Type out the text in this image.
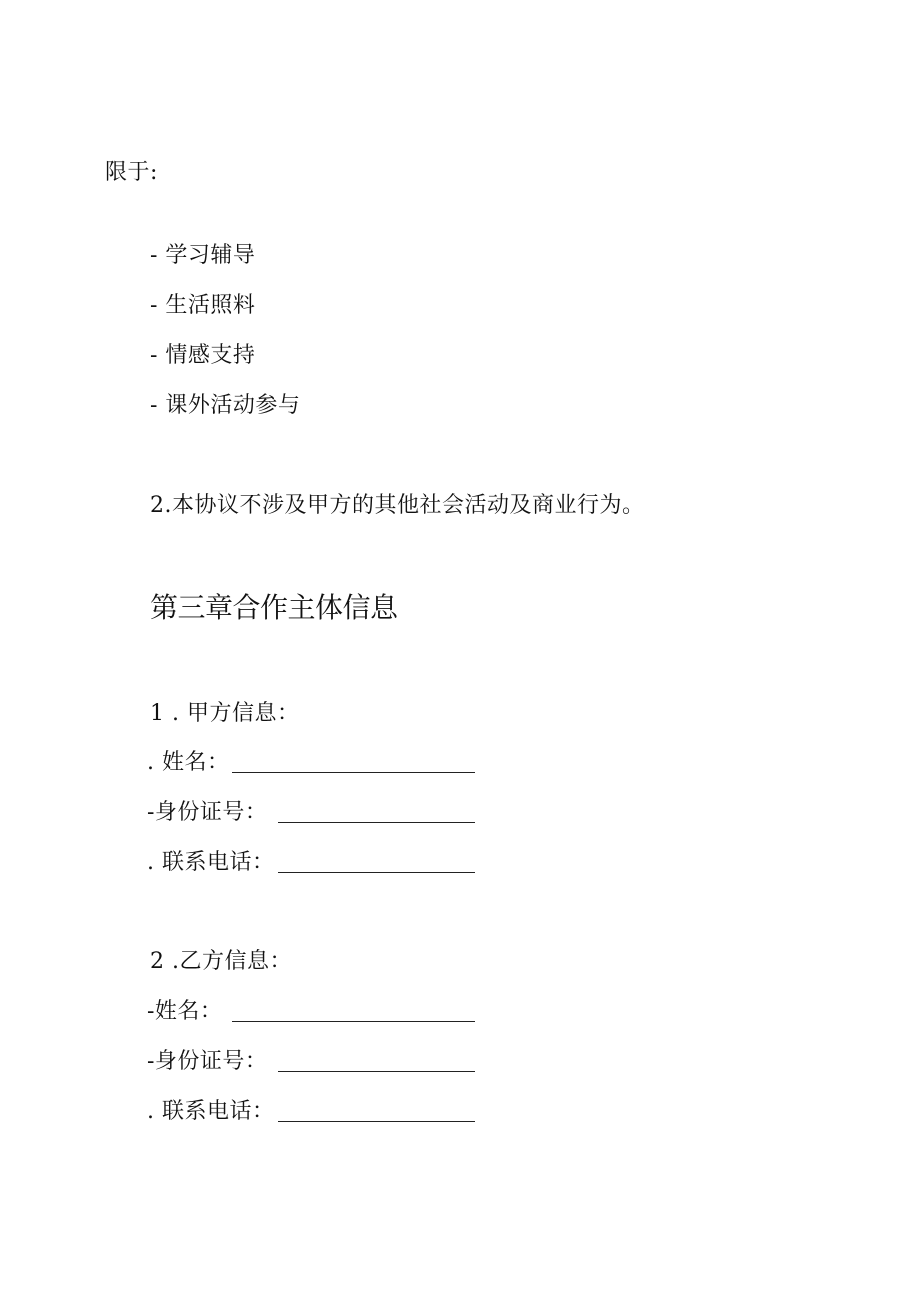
限于:
- 学习辅导
- 生活照料
- 情感支持
- 课外活动参与
2.本协议不涉及甲方的其他社会活动及商业行为。
第三章合作主体信息
1 . 甲方信息：
. 姓名：
-身份证号：
. 联系电话：
2 .乙方信息：
-姓名：
-身份证号：
. 联系电话：
